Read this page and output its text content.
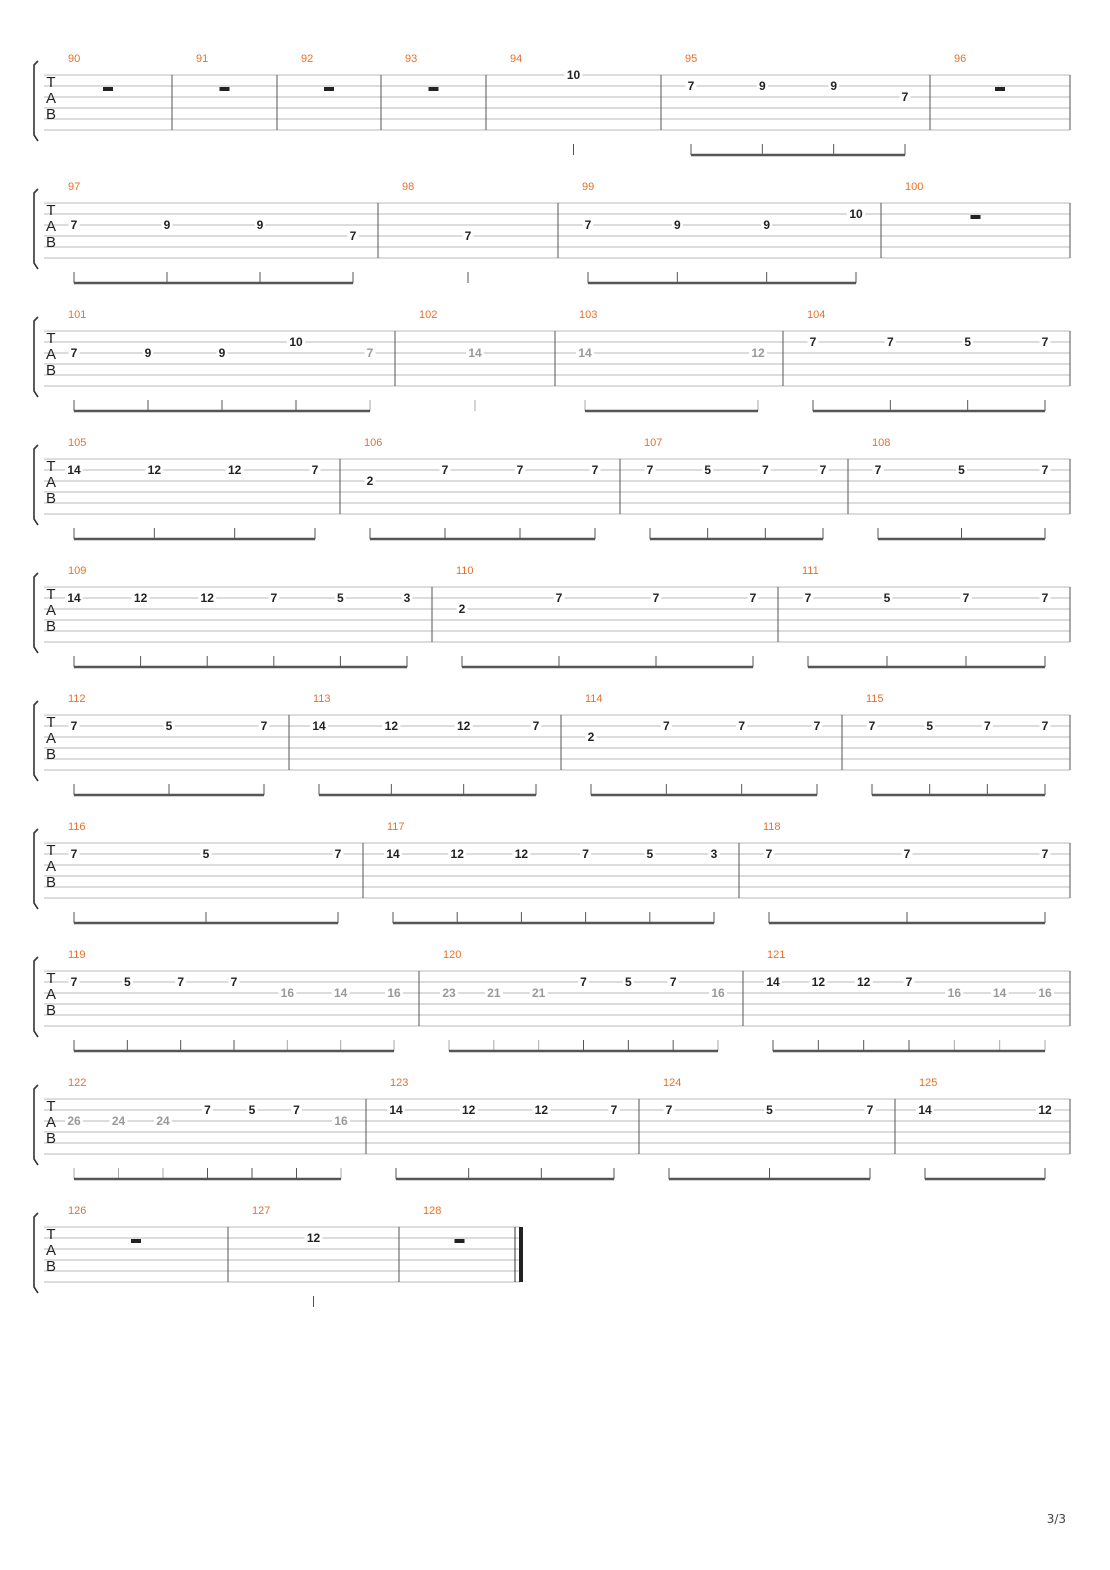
T
A
B
90	91	92	93	94
10
95
7	9	9
7
96
T
A
B
97
7	9	9
7
98
7
99
7	9	9
10
100
T
A
B
101
7	9	9
10
7
102
14
103
14	12
104
7	7	5	7
T
A
B
105
14	12	12	7
106
2
7	7	7
107
7	5	7	7
108
7	5	7
T
A
B
109
14	12	12	7	5	3
110
2
7	7	7
111
7	5	7	7
T
A
B
112
7	5	7
113
14	12	12	7
114
2
7	7	7
115
7	5	7	7
T
A
B
116
7	5	7
117
14	12	12	7	5	3
118
7	7	7
T
A
B
119
7	5	7	7
16	14	16
120
23	21	21
7	5	7
16
121
14	12	12	7
16	14	16
T
A
B
122
26	24	24
7	5	7
16
123
14	12	12	7
124
7	5	7
125
14	12
T
A
B
126	127
12
128
3/3
